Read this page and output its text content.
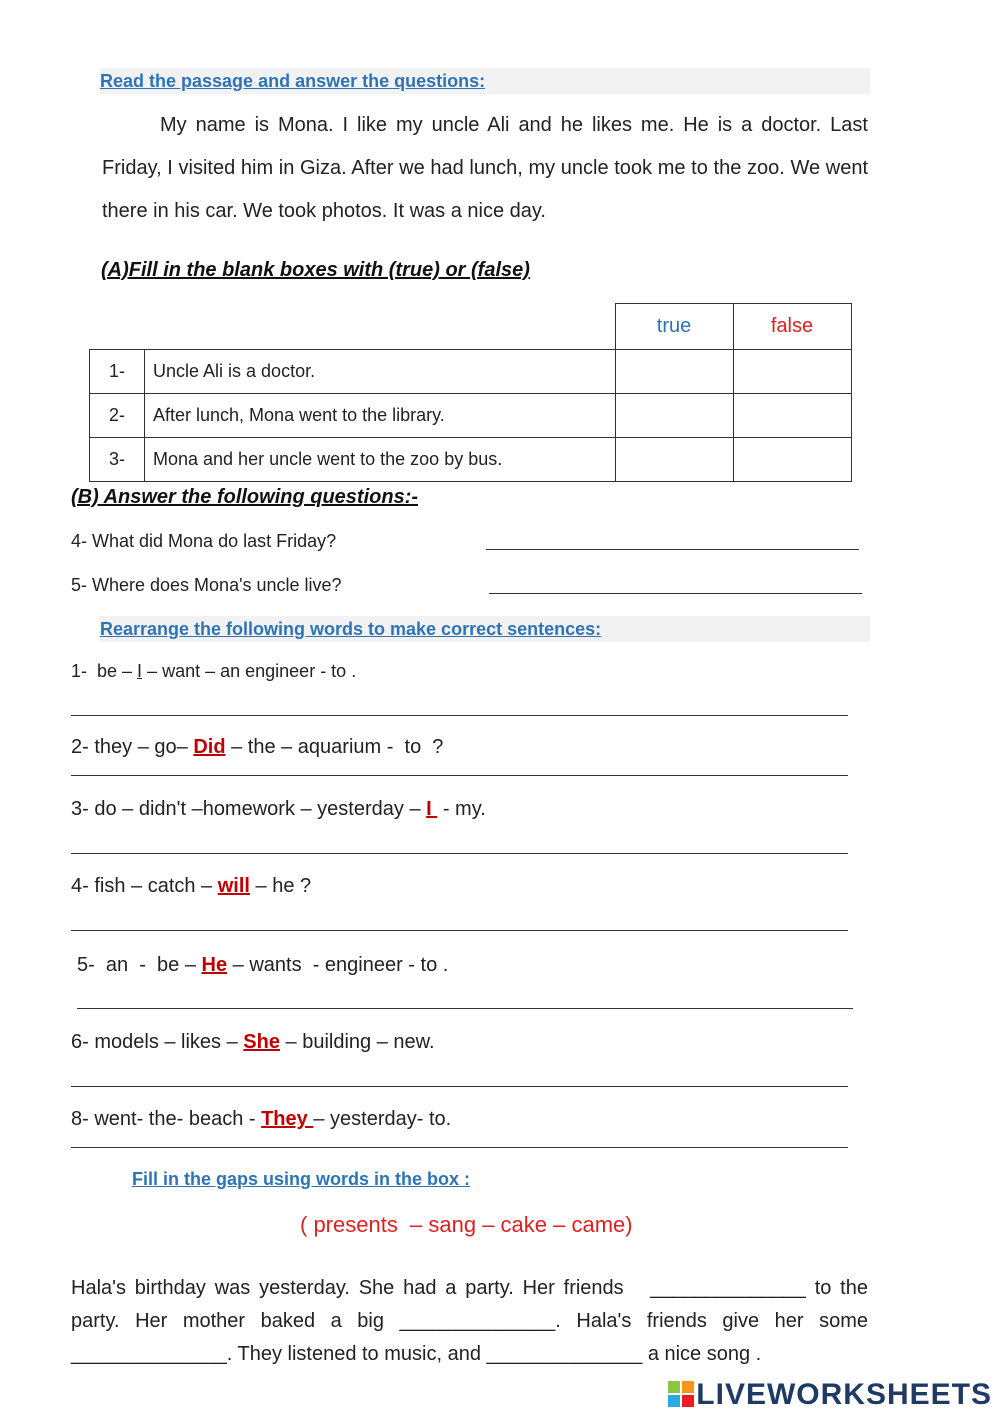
Read the passage and answer the questions:
My name is Mona. I like my uncle Ali and he likes me. He is a doctor. Last Friday, I visited him in Giza. After we had lunch, my uncle took me to the zoo. We went there in his car. We took photos. It was a nice day.
(A)Fill in the blank boxes with (true) or (false)
		true	false
1-	Uncle Ali is a doctor.		
2-	After lunch, Mona went to the library.		
3-	Mona and her uncle went to the zoo by bus.		
(B) Answer the following questions:-
4- What did Mona do last Friday?
5- Where does Mona's uncle live?
Rearrange the following words to make correct sentences:
1-  be – I – want – an engineer - to .
2- they – go– Did – the – aquarium -  to  ?
3- do – didn't –homework – yesterday – I  - my.
4- fish – catch – will – he ?
5-  an  -  be – He – wants  - engineer - to .
6- models – likes – She – building – new.
8- went- the- beach - They – yesterday- to.
Fill in the gaps using words in the box :
( presents  – sang – cake – came)
Hala's birthday was yesterday. She had a party. Her friends ______________ to the party. Her mother baked a big ______________. Hala's friends give her some ______________. They listened to music, and ______________ a nice song .
LIVEWORKSHEETS
